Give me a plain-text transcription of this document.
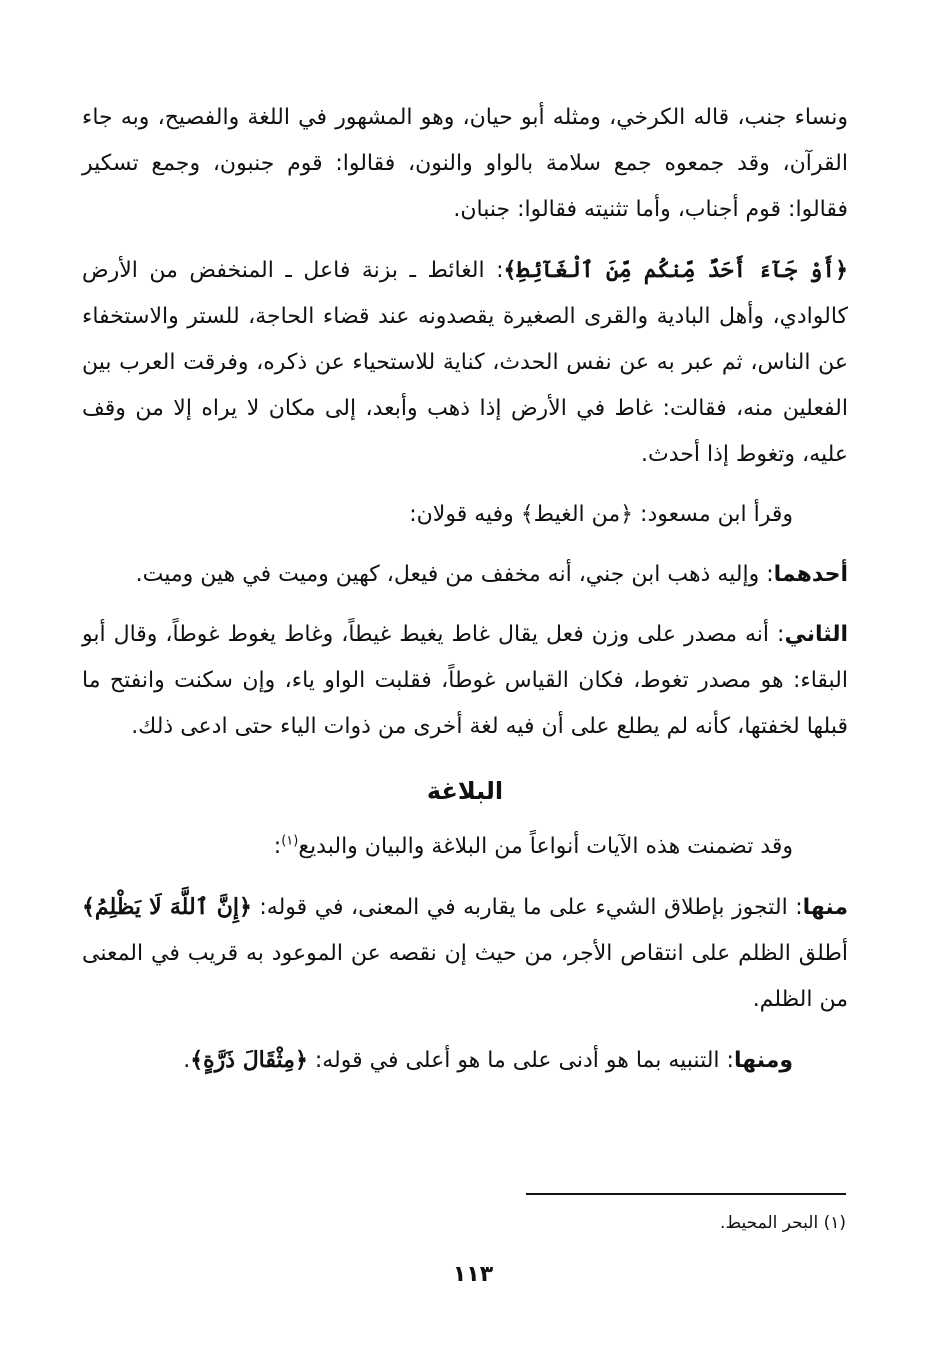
ونساء جنب، قاله الكرخي، ومثله أبو حيان، وهو المشهور في اللغة والفصيح، وبه جاء القرآن، وقد جمعوه جمع سلامة بالواو والنون، فقالوا: قوم جنبون، وجمع تسكير فقالوا: قوم أجناب، وأما تثنيته فقالوا: جنبان.

﴿أَوْ جَآءَ أَحَدٌ مِّنكُم مِّنَ ٱلْغَآئِطِ﴾: الغائط ـ بزنة فاعل ـ المنخفض من الأرض كالوادي، وأهل البادية والقرى الصغيرة يقصدونه عند قضاء الحاجة، للستر والاستخفاء عن الناس، ثم عبر به عن نفس الحدث، كناية للاستحياء عن ذكره، وفرقت العرب بين الفعلين منه، فقالت: غاط في الأرض إذا ذهب وأبعد، إلى مكان لا يراه إلا من وقف عليه، وتغوط إذا أحدث.

وقرأ ابن مسعود: ﴿من الغيط﴾ وفيه قولان:

أحدهما: وإليه ذهب ابن جني، أنه مخفف من فيعل، كهين وميت في هين وميت.

الثاني: أنه مصدر على وزن فعل يقال غاط يغيط غيطاً، وغاط يغوط غوطاً، وقال أبو البقاء: هو مصدر تغوط، فكان القياس غوطاً، فقلبت الواو ياء، وإن سكنت وانفتح ما قبلها لخفتها، كأنه لم يطلع على أن فيه لغة أخرى من ذوات الياء حتى ادعى ذلك.

البلاغة

وقد تضمنت هذه الآيات أنواعاً من البلاغة والبيان والبديع$^{(١)}$:

منها: التجوز بإطلاق الشيء على ما يقاربه في المعنى، في قوله: ﴿إِنَّ ٱللَّهَ لَا يَظْلِمُ﴾ أطلق الظلم على انتقاص الأجر، من حيث إن نقصه عن الموعود به قريب في المعنى من الظلم.

ومنها: التنبيه بما هو أدنى على ما هو أعلى في قوله: ﴿مِثْقَالَ ذَرَّةٍ﴾.

(١) البحر المحيط.
١١٣
